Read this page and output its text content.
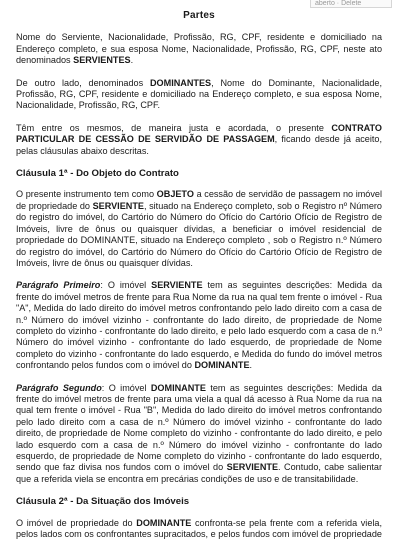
aberto · Delete
Partes

Nome do Serviente, Nacionalidade, Profissão, RG, CPF, residente e domiciliado na Endereço completo, e sua esposa Nome, Nacionalidade, Profissão, RG, CPF, neste ato denominados SERVIENTES.

De outro lado, denominados DOMINANTES, Nome do Dominante, Nacionalidade, Profissão, RG, CPF, residente e domiciliado na Endereço completo, e sua esposa Nome, Nacionalidade, Profissão, RG, CPF.

Têm entre os mesmos, de maneira justa e acordada, o presente CONTRATO PARTICULAR DE CESSÃO DE SERVIDÃO DE PASSAGEM, ficando desde já aceito, pelas cláusulas abaixo descritas.

Cláusula 1ª - Do Objeto do Contrato

O presente instrumento tem como OBJETO a cessão de servidão de passagem no imóvel de propriedade do SERVIENTE, situado na Endereço completo, sob o Registro nº Número do registro do imóvel, do Cartório do Número do Ofício do Cartório Ofício de Registro de Imóveis, livre de ônus ou quaisquer dívidas, a beneficiar o imóvel residencial de propriedade do DOMINANTE, situado na Endereço completo , sob o Registro n.º Número do registro do imóvel, do Cartório do Número do Ofício do Cartório Ofício de Registro de Imóveis, livre de ônus ou quaisquer dívidas.

Parágrafo Primeiro: O imóvel SERVIENTE tem as seguintes descrições: Medida da frente do imóvel metros de frente para Rua Nome da rua na qual tem frente o imóvel - Rua "A", Medida do lado direito do imóvel metros confrontando pelo lado direito com a casa de n.º Número do imóvel vizinho - confrontante do lado direito, de propriedade de Nome completo do vizinho - confrontante do lado direito, e pelo lado esquerdo com a casa de n.º Número do imóvel vizinho - confrontante do lado esquerdo, de propriedade de Nome completo do vizinho - confrontante do lado esquerdo, e Medida do fundo do imóvel metros confrontando pelos fundos com o imóvel do DOMINANTE.

Parágrafo Segundo: O imóvel DOMINANTE tem as seguintes descrições: Medida da frente do imóvel metros de frente para uma viela a qual dá acesso à Rua Nome da rua na qual tem frente o imóvel - Rua "B", Medida do lado direito do imóvel metros confrontando pelo lado direito com a casa de n.º Número do imóvel vizinho - confrontante do lado direito, de propriedade de Nome completo do vizinho - confrontante do lado direito, e pelo lado esquerdo com a casa de n.º Número do imóvel vizinho - confrontante do lado esquerdo, de propriedade de Nome completo do vizinho - confrontante do lado esquerdo, sendo que faz divisa nos fundos com o imóvel do SERVIENTE. Contudo, cabe salientar que a referida viela se encontra em precárias condições de uso e de transitabilidade.

Cláusula 2ª - Da Situação dos Imóveis

O imóvel de propriedade do DOMINANTE confronta-se pela frente com a referida viela, pelos lados com os confrontantes supracitados, e pelos fundos com imóvel de propriedade
